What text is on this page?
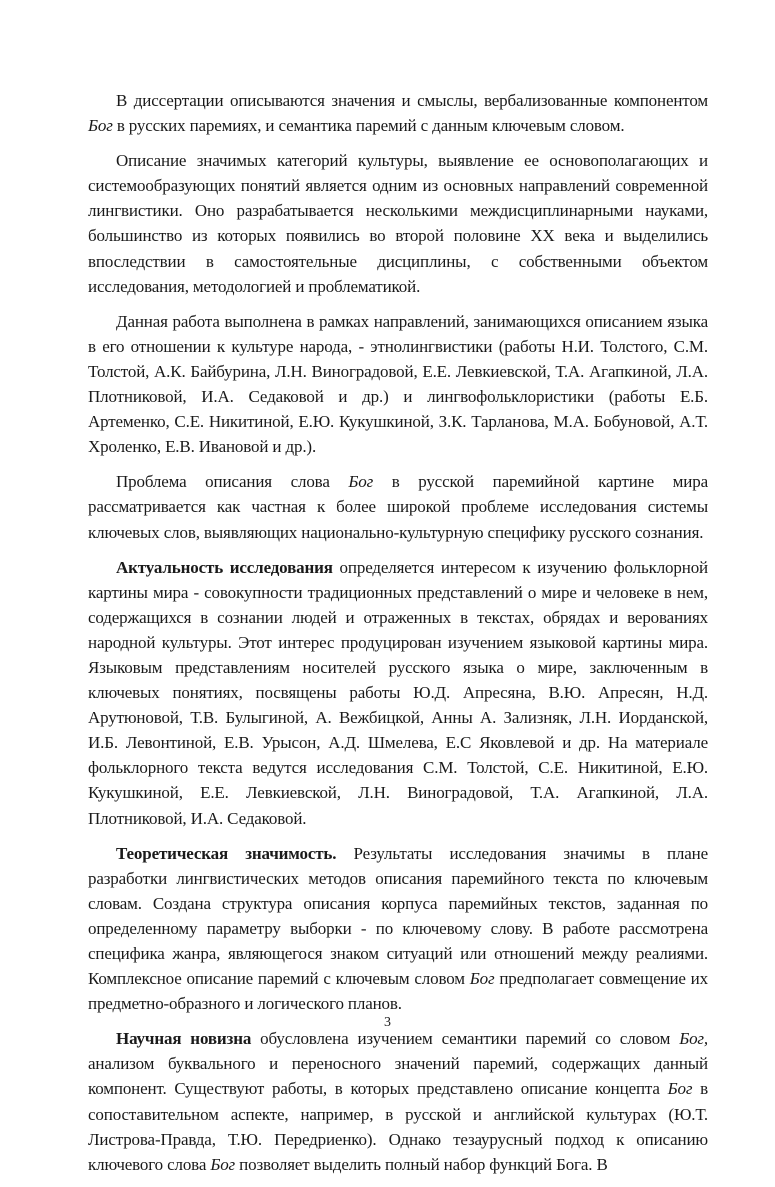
В диссертации описываются значения и смыслы, вербализованные компонентом Бог в русских паремиях, и семантика паремий с данным ключевым словом.

Описание значимых категорий культуры, выявление ее основополагающих и системообразующих понятий является одним из основных направлений современной лингвистики. Оно разрабатывается несколькими междисциплинарными науками, большинство из которых появились во второй половине XX века и выделились впоследствии в самостоятельные дисциплины, с собственными объектом исследования, методологией и проблематикой.

Данная работа выполнена в рамках направлений, занимающихся описанием языка в его отношении к культуре народа, - этнолингвистики (работы Н.И. Толстого, С.М. Толстой, А.К. Байбурина, Л.Н. Виноградовой, Е.Е. Левкиевской, Т.А. Агапкиной, Л.А. Плотниковой, И.А. Седаковой и др.) и лингвофольклористики (работы Е.Б. Артеменко, С.Е. Никитиной, Е.Ю. Кукушкиной, З.К. Тарланова, М.А. Бобуновой, А.Т. Хроленко, Е.В. Ивановой и др.).

Проблема описания слова Бог в русской паремийной картине мира рассматривается как частная к более широкой проблеме исследования системы ключевых слов, выявляющих национально-культурную специфику русского сознания.

Актуальность исследования определяется интересом к изучению фольклорной картины мира - совокупности традиционных представлений о мире и человеке в нем, содержащихся в сознании людей и отраженных в текстах, обрядах и верованиях народной культуры. Этот интерес продуцирован изучением языковой картины мира. Языковым представлениям носителей русского языка о мире, заключенным в ключевых понятиях, посвящены работы Ю.Д. Апресяна, В.Ю. Апресян, Н.Д. Арутюновой, Т.В. Булыгиной, А. Вежбицкой, Анны А. Зализняк, Л.Н. Иорданской, И.Б. Левонтиной, Е.В. Урысон, А.Д. Шмелева, Е.С Яковлевой и др. На материале фольклорного текста ведутся исследования С.М. Толстой, С.Е. Никитиной, Е.Ю. Кукушкиной, Е.Е. Левкиевской, Л.Н. Виноградовой, Т.А. Агапкиной, Л.А. Плотниковой, И.А. Седаковой.

Теоретическая значимость. Результаты исследования значимы в плане разработки лингвистических методов описания паремийного текста по ключевым словам. Создана структура описания корпуса паремийных текстов, заданная по определенному параметру выборки - по ключевому слову. В работе рассмотрена специфика жанра, являющегося знаком ситуаций или отношений между реалиями. Комплексное описание паремий с ключевым словом Бог предполагает совмещение их предметно-образного и логического планов.

Научная новизна обусловлена изучением семантики паремий со словом Бог, анализом буквального и переносного значений паремий, содержащих данный компонент. Существуют работы, в которых представлено описание концепта Бог в сопоставительном аспекте, например, в русской и английской культурах (Ю.Т. Листрова-Правда, Т.Ю. Передриенко). Однако тезаурусный подход к описанию ключевого слова Бог позволяет выделить полный набор функций Бога. В

3
